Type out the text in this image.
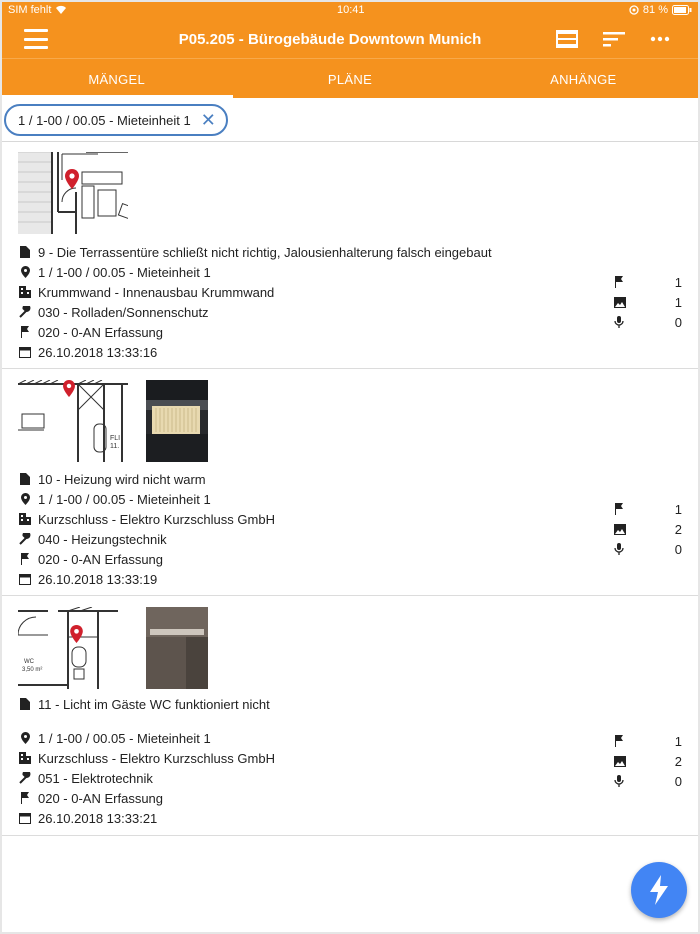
SIM fehlt	10:41	81 %
P05.205 - Bürogebäude Downtown Munich
MÄNGEL	PLÄNE	ANHÄNGE
1 / 1-00 / 00.05 - Mieteinheit 1 ✕
9 - Die Terrassentüre schließt nicht richtig, Jalousienhalterung falsch eingebaut
1 / 1-00 / 00.05 - Mieteinheit 1
Krummwand - Innenausbau Krummwand
030 - Rolladen/Sonnenschutz
020 - 0-AN Erfassung
26.10.2018 13:33:16
1
1
0
FLI
11.
10 - Heizung wird nicht warm
1 / 1-00 / 00.05 - Mieteinheit 1
Kurzschluss - Elektro Kurzschluss GmbH
040 - Heizungstechnik
020 - 0-AN Erfassung
26.10.2018 13:33:19
1
2
0
WC
3,50 m²
11 - Licht im Gäste WC funktioniert nicht
1 / 1-00 / 00.05 - Mieteinheit 1
Kurzschluss - Elektro Kurzschluss GmbH
051 - Elektrotechnik
020 - 0-AN Erfassung
26.10.2018 13:33:21
1
2
0
